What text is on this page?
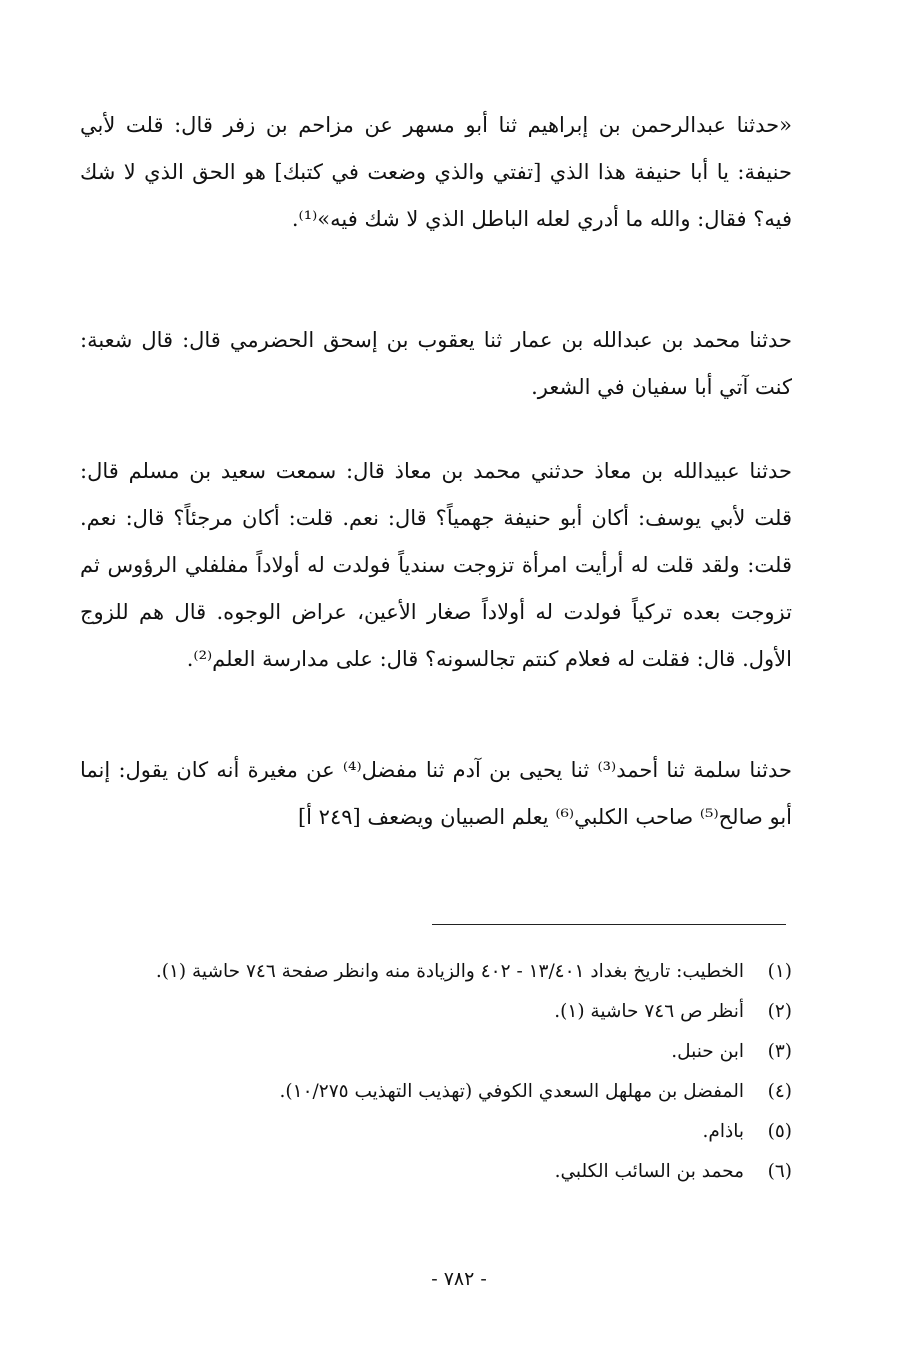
«حدثنا عبدالرحمن بن إبراهيم ثنا أبو مسهر عن مزاحم بن زفر قال: قلت لأبي حنيفة: يا أبا حنيفة هذا الذي [تفتي والذي وضعت في كتبك] هو الحق الذي لا شك فيه؟ فقال: والله ما أدري لعله الباطل الذي لا شك فيه»⁽¹⁾.

حدثنا محمد بن عبدالله بن عمار ثنا يعقوب بن إسحق الحضرمي قال: قال شعبة: كنت آتي أبا سفيان في الشعر.

حدثنا عبيدالله بن معاذ حدثني محمد بن معاذ قال: سمعت سعيد بن مسلم قال: قلت لأبي يوسف: أكان أبو حنيفة جهمياً؟ قال: نعم. قلت: أكان مرجئاً؟ قال: نعم. قلت: ولقد قلت له أرأيت امرأة تزوجت سندياً فولدت له أولاداً مفلفلي الرؤوس ثم تزوجت بعده تركياً فولدت له أولاداً صغار الأعين، عراض الوجوه. قال هم للزوج الأول. قال: فقلت له فعلام كنتم تجالسونه؟ قال: على مدارسة العلم⁽²⁾.

حدثنا سلمة ثنا أحمد⁽³⁾ ثنا يحيى بن آدم ثنا مفضل⁽⁴⁾ عن مغيرة أنه كان يقول: إنما أبو صالح⁽⁵⁾ صاحب الكلبي⁽⁶⁾ يعلم الصبيان ويضعف [٢٤٩ أ]

(١)
الخطيب: تاريخ بغداد ١٣/٤٠١ - ٤٠٢ والزيادة منه وانظر صفحة ٧٤٦ حاشية (١).
(٢)
أنظر ص ٧٤٦ حاشية (١).
(٣)
ابن حنبل.
(٤)
المفضل بن مهلهل السعدي الكوفي (تهذيب التهذيب ١٠/٢٧٥).
(٥)
باذام.
(٦)
محمد بن السائب الكلبي.
- ٧٨٢ -
